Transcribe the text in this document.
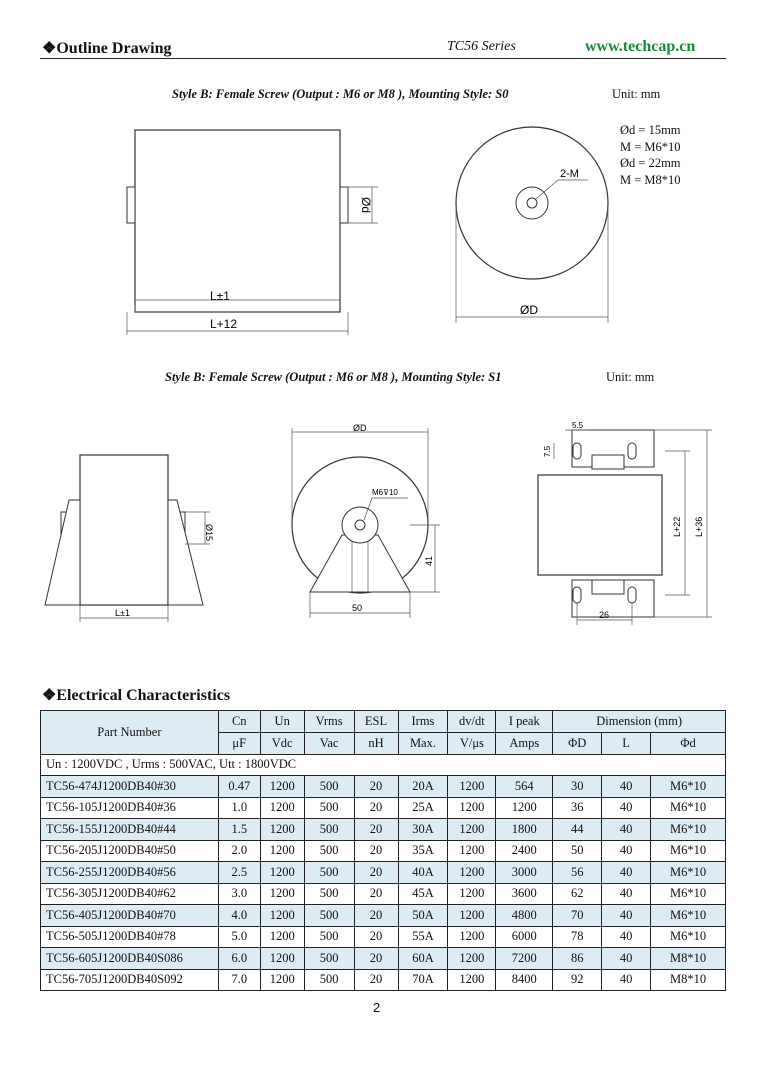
❖Outline Drawing	TC56 Series	www.techcap.cn
Style B: Female Screw (Output : M6 or M8 ), Mounting Style: S0	Unit: mm
Ød = 15mm
M = M6*10
Ød = 22mm
M = M8*10
Ød
L±1
L+12
2-M
ØD
Style B: Female Screw (Output : M6 or M8 ), Mounting Style: S1	Unit: mm
Ø15
L±1
M6⊽10
ØD
41
50
5.5
7.5
L+22 L+36
26
❖Electrical Characteristics
Part Number	Cn	Un	Vrms	ESL	Irms	dv/dt	I peak	Dimension (mm)		
	μF	Vdc	Vac	nH	Max.	V/μs	Amps	ΦD	L	Φd
Un : 1200VDC , Urms : 500VAC, Utt : 1800VDC										
TC56-474J1200DB40#30	0.47	1200	500	20	20A	1200	564	30	40	M6*10
TC56-105J1200DB40#36	1.0	1200	500	20	25A	1200	1200	36	40	M6*10
TC56-155J1200DB40#44	1.5	1200	500	20	30A	1200	1800	44	40	M6*10
TC56-205J1200DB40#50	2.0	1200	500	20	35A	1200	2400	50	40	M6*10
TC56-255J1200DB40#56	2.5	1200	500	20	40A	1200	3000	56	40	M6*10
TC56-305J1200DB40#62	3.0	1200	500	20	45A	1200	3600	62	40	M6*10
TC56-405J1200DB40#70	4.0	1200	500	20	50A	1200	4800	70	40	M6*10
TC56-505J1200DB40#78	5.0	1200	500	20	55A	1200	6000	78	40	M6*10
TC56-605J1200DB40S086	6.0	1200	500	20	60A	1200	7200	86	40	M8*10
TC56-705J1200DB40S092	7.0	1200	500	20	70A	1200	8400	92	40	M8*10
2
